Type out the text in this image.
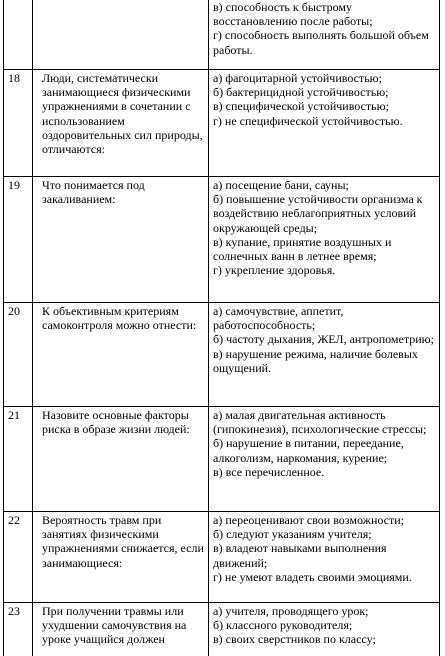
		в) способность к быстрому восстановлению после работы;
г) способность выполнять большой объем работы.

18	Люди, систематически занимающиеся физическими упражнениями в сочетании с использованием оздоровительных сил природы, отличаются:	а) фагоцитарной устойчивостью;
б) бактерицидной устойчивостью;
в) специфической устойчивостью;
г) не специфической устойчивостью.

19	Что понимается под закаливанием:	а) посещение бани, сауны;
б) повышение устойчивости организма к воздействию неблагоприятных условий окружающей среды;
в) купание, принятие воздушных и солнечных ванн в летнее время;
г) укрепление здоровья.

20	К объективным критериям самоконтроля можно отнести:	а) самочувствие, аппетит, работоспособность;
б) частоту дыхания, ЖЕЛ, антропометрию;
в) нарушение режима, наличие болевых ощущений.

21	Назовите основные факторы риска в образе жизни людей:	а) малая двигательная активность (гипокинезия), психологические стрессы;
б) нарушение в питании, переедание, алкоголизм, наркомания, курение;
в) все перечисленное.

22	Вероятность травм при занятиях физическими упражнениями снижается, если занимающиеся:	а) переоценивают свои возможности;
б) следуют указаниям учителя;
в) владеют навыками выполнения движений;
г) не умеют владеть своими эмоциями.

23	При получении травмы или ухудшении самочувствия на уроке учащийся должен	а) учителя, проводящего урок;
б) классного руководителя;
в) своих сверстников по классу;
